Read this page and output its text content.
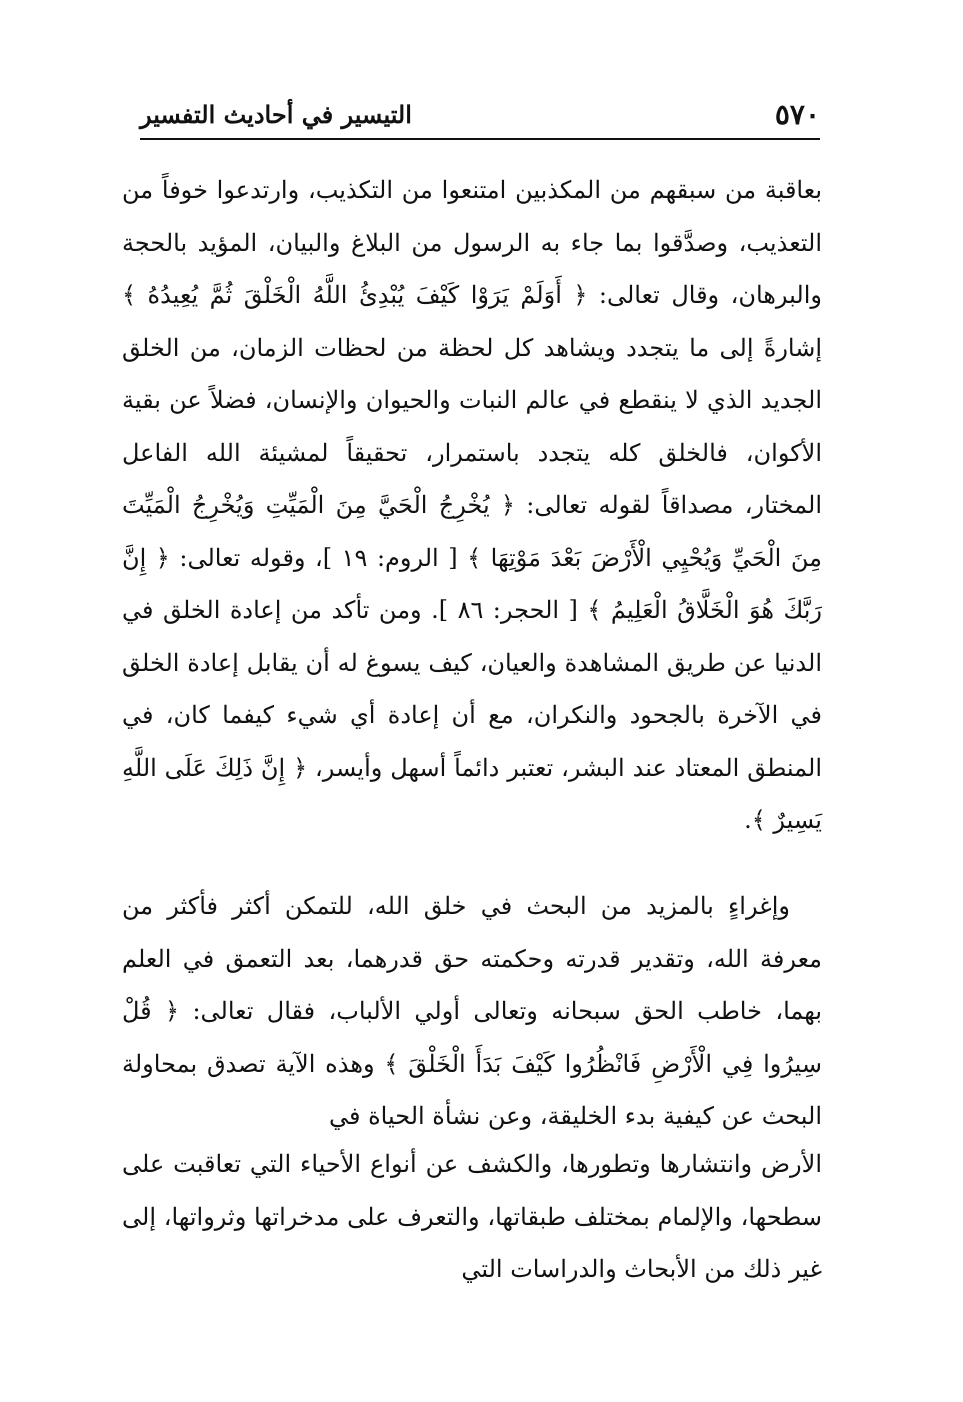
٥٧٠
التيسير في أحاديث التفسير
بعاقبة من سبقهم من المكذبين امتنعوا من التكذيب، وارتدعوا خوفاً من التعذيب، وصدَّقوا بما جاء به الرسول من البلاغ والبيان، المؤيد بالحجة والبرهان، وقال تعالى: ﴿ أَوَلَمْ يَرَوْا كَيْفَ يُبْدِئُ اللَّهُ الْخَلْقَ ثُمَّ يُعِيدُهُ ﴾ إشارةً إلى ما يتجدد ويشاهد كل لحظة من لحظات الزمان، من الخلق الجديد الذي لا ينقطع في عالم النبات والحيوان والإنسان، فضلاً عن بقية الأكوان، فالخلق كله يتجدد باستمرار، تحقيقاً لمشيئة الله الفاعل المختار، مصداقاً لقوله تعالى: ﴿ يُخْرِجُ الْحَيَّ مِنَ الْمَيِّتِ وَيُخْرِجُ الْمَيِّتَ مِنَ الْحَيِّ وَيُحْيِي الْأَرْضَ بَعْدَ مَوْتِهَا ﴾ [ الروم: ١٩ ]، وقوله تعالى: ﴿ إِنَّ رَبَّكَ هُوَ الْخَلَّاقُ الْعَلِيمُ ﴾ [ الحجر: ٨٦ ]. ومن تأكد من إعادة الخلق في الدنيا عن طريق المشاهدة والعيان، كيف يسوغ له أن يقابل إعادة الخلق في الآخرة بالجحود والنكران، مع أن إعادة أي شيء كيفما كان، في المنطق المعتاد عند البشر، تعتبر دائماً أسهل وأيسر، ﴿ إِنَّ ذَلِكَ عَلَى اللَّهِ يَسِيرٌ ﴾.
وإغراءٍ بالمزيد من البحث في خلق الله، للتمكن أكثر فأكثر من معرفة الله، وتقدير قدرته وحكمته حق قدرهما، بعد التعمق في العلم بهما، خاطب الحق سبحانه وتعالى أولي الألباب، فقال تعالى: ﴿ قُلْ سِيرُوا فِي الْأَرْضِ فَانْظُرُوا كَيْفَ بَدَأَ الْخَلْقَ ﴾ وهذه الآية تصدق بمحاولة البحث عن كيفية بدء الخليقة، وعن نشأة الحياة في
الأرض وانتشارها وتطورها، والكشف عن أنواع الأحياء التي تعاقبت على سطحها، والإلمام بمختلف طبقاتها، والتعرف على مدخراتها وثرواتها، إلى غير ذلك من الأبحاث والدراسات التي
